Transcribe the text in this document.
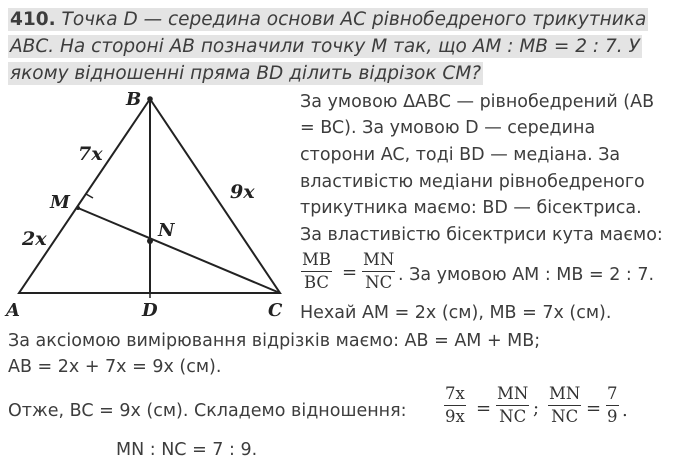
410. Точка D — середина основи AC рівнобедреного трикутника
ABC. На стороні AB позначили точку M так, що AM : MB = 2 : 7. У
якому відношенні пряма BD ділить відрізок CM?
B
M
N
A	D	C
7x
2x
9x
За умовою ΔABC — рівнобедрений (AB
= BC). За умовою D — середина
сторони AC, тоді BD — медіана. За
властивістю медіани рівнобедреного
трикутника маємо: BD — бісектриса.
За властивістю бісектриси кута маємо:
$\frac{MB}{BC} = \frac{MN}{NC}$ . За умовою AM : MB = 2 : 7.
Нехай AM = 2x (см), MB = 7x (см).
За аксіомою вимірювання відрізків маємо: AB = AM + MB;
AB = 2x + 7x = 9x (см).
Отже, BC = 9x (см). Складемо відношення: $\frac{7x}{9x} = \frac{MN}{NC}$ ; $\frac{MN}{NC} = \frac{7}{9}$ .
MN : NC = 7 : 9.
